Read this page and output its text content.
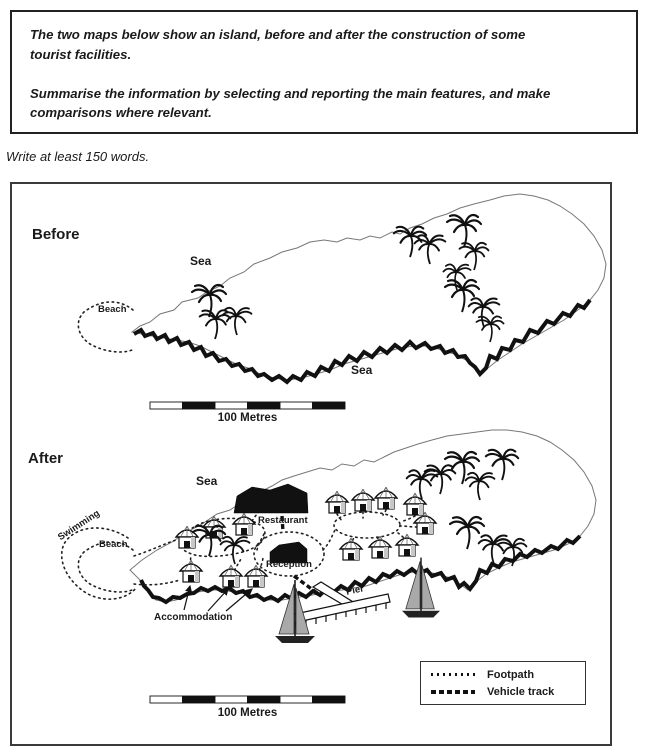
The two maps below show an island, before and after the construction of some tourist facilities.

Summarise the information by selecting and reporting the main features, and make comparisons where relevant.

Write at least 150 words.

Before
Sea
Beach
Sea
100 Metres
After
Sea
Swimming
Beach
Restaurant
Reception
Accommodation
Pier
100 Metres
Footpath
Vehicle track
